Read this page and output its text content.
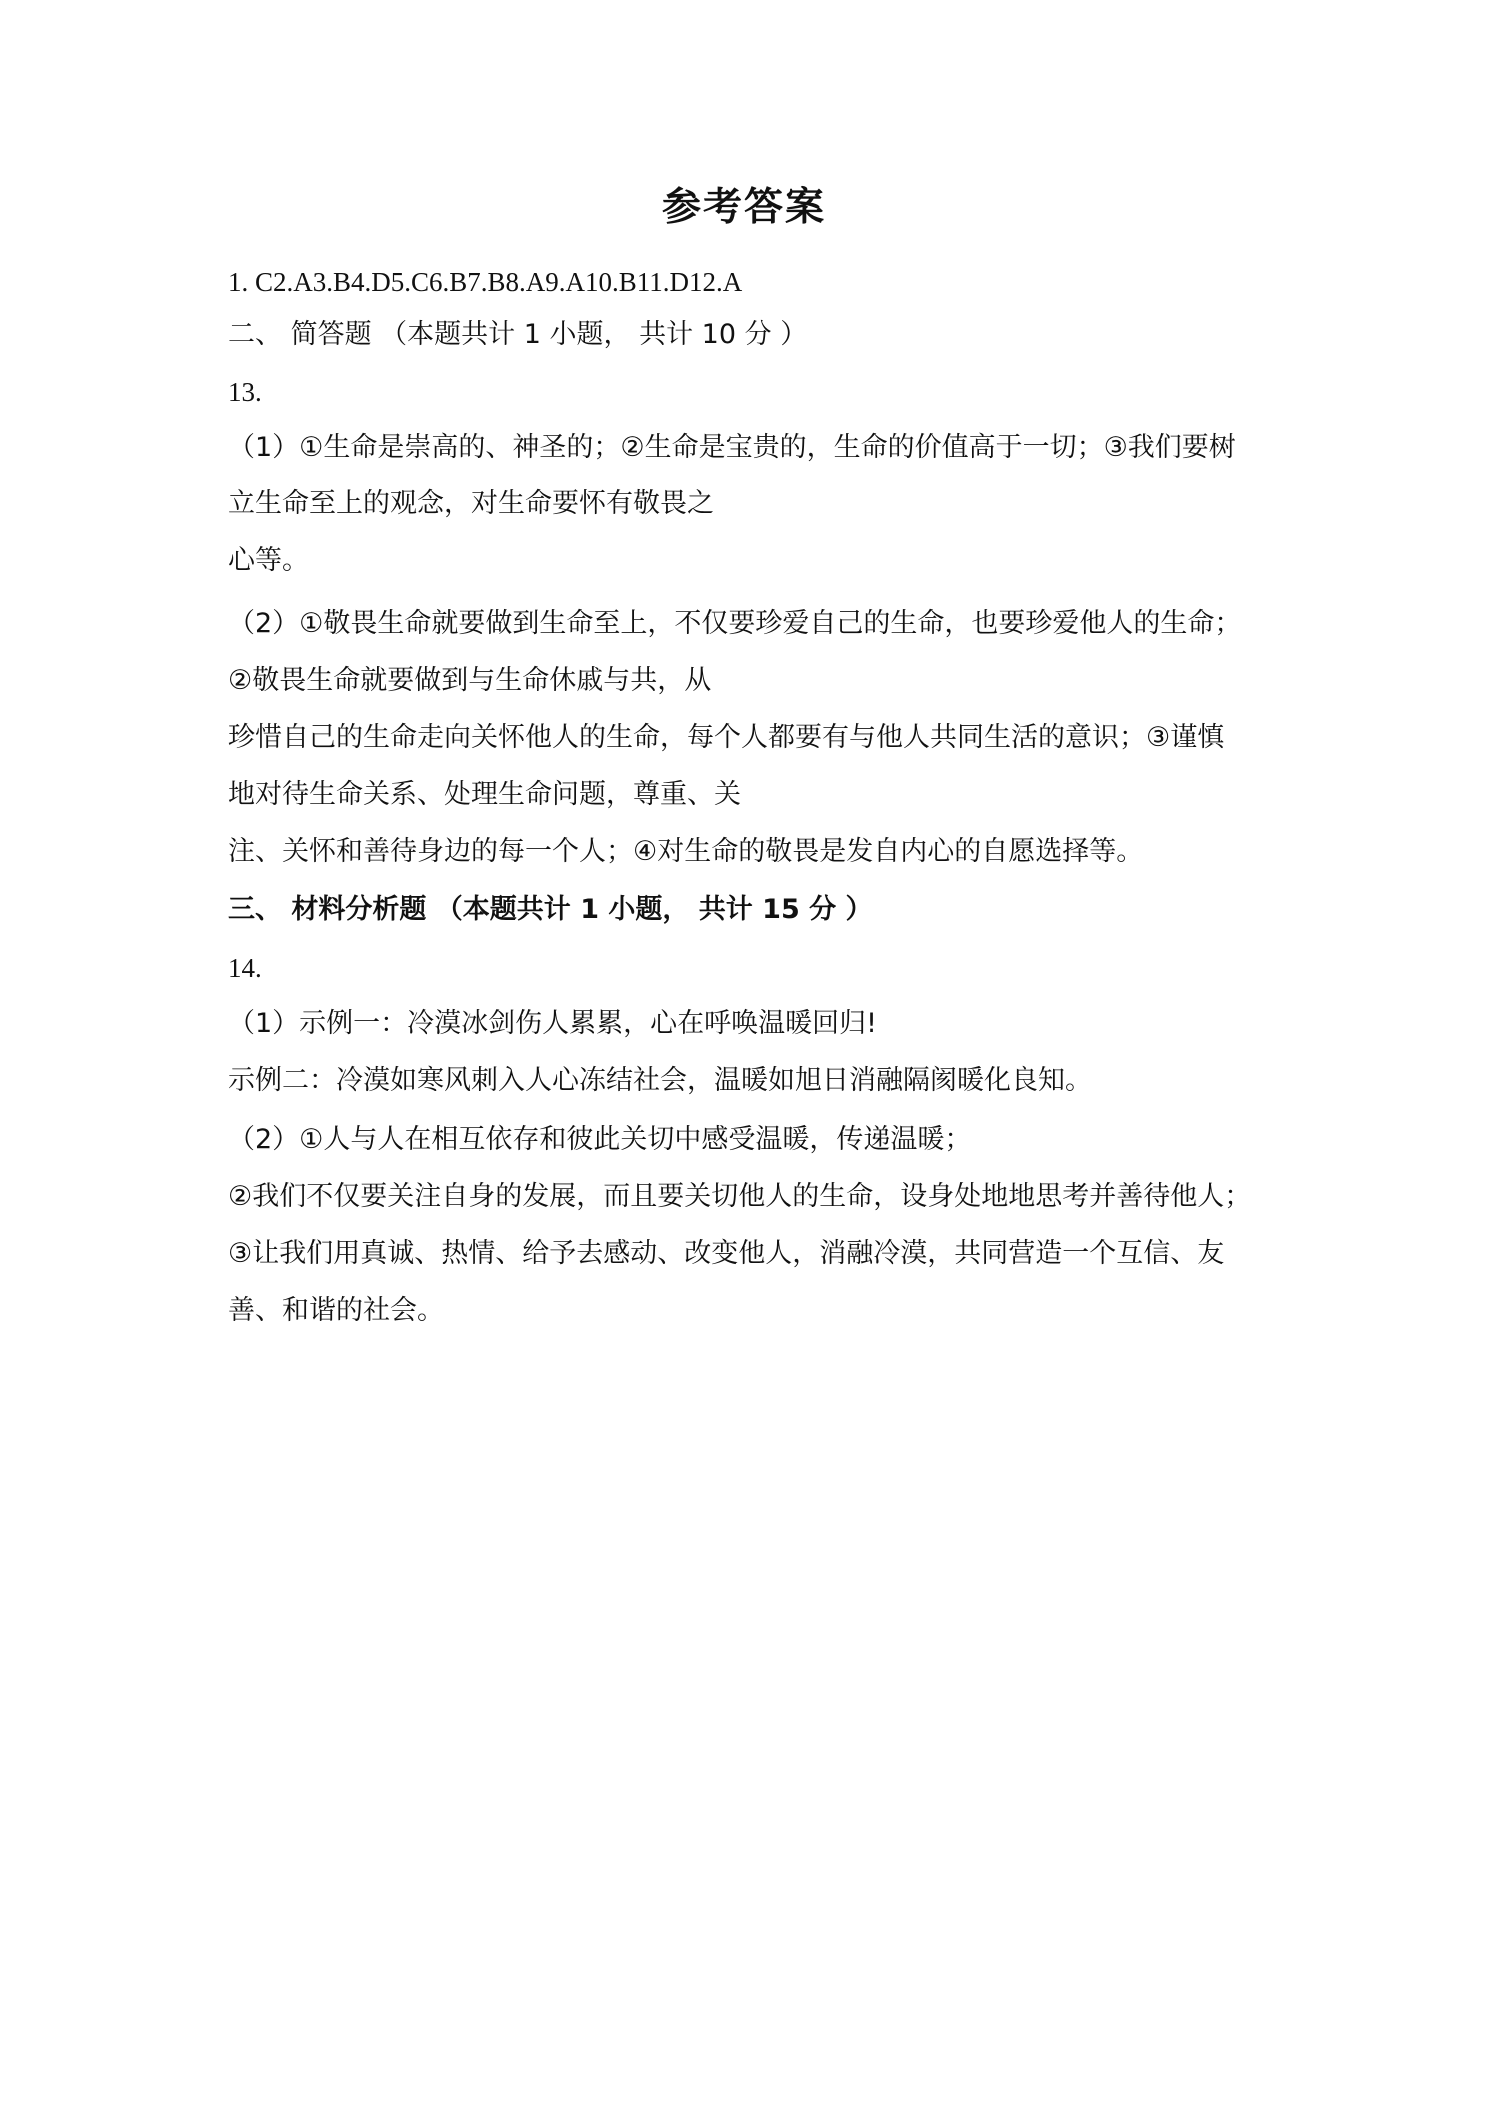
参考答案
1. C2.A3.B4.D5.C6.B7.B8.A9.A10.B11.D12.A
二、 简答题 （本题共计 1 小题， 共计 10 分 ）
13.
（1）①生命是崇高的、神圣的；②生命是宝贵的，生命的价值高于一切；③我们要树
立生命至上的观念，对生命要怀有敬畏之
心等。
（2）①敬畏生命就要做到生命至上，不仅要珍爱自己的生命，也要珍爱他人的生命；
②敬畏生命就要做到与生命休戚与共，从
珍惜自己的生命走向关怀他人的生命，每个人都要有与他人共同生活的意识；③谨慎
地对待生命关系、处理生命问题，尊重、关
注、关怀和善待身边的每一个人；④对生命的敬畏是发自内心的自愿选择等。
三、 材料分析题 （本题共计 1 小题， 共计 15 分 ）
14.
（1）示例一：冷漠冰剑伤人累累，心在呼唤温暖回归!
示例二：冷漠如寒风刺入人心冻结社会，温暖如旭日消融隔阂暖化良知。
（2）①人与人在相互依存和彼此关切中感受温暖，传递温暖；
②我们不仅要关注自身的发展，而且要关切他人的生命，设身处地地思考并善待他人；
③让我们用真诚、热情、给予去感动、改变他人，消融冷漠，共同营造一个互信、友
善、和谐的社会。
